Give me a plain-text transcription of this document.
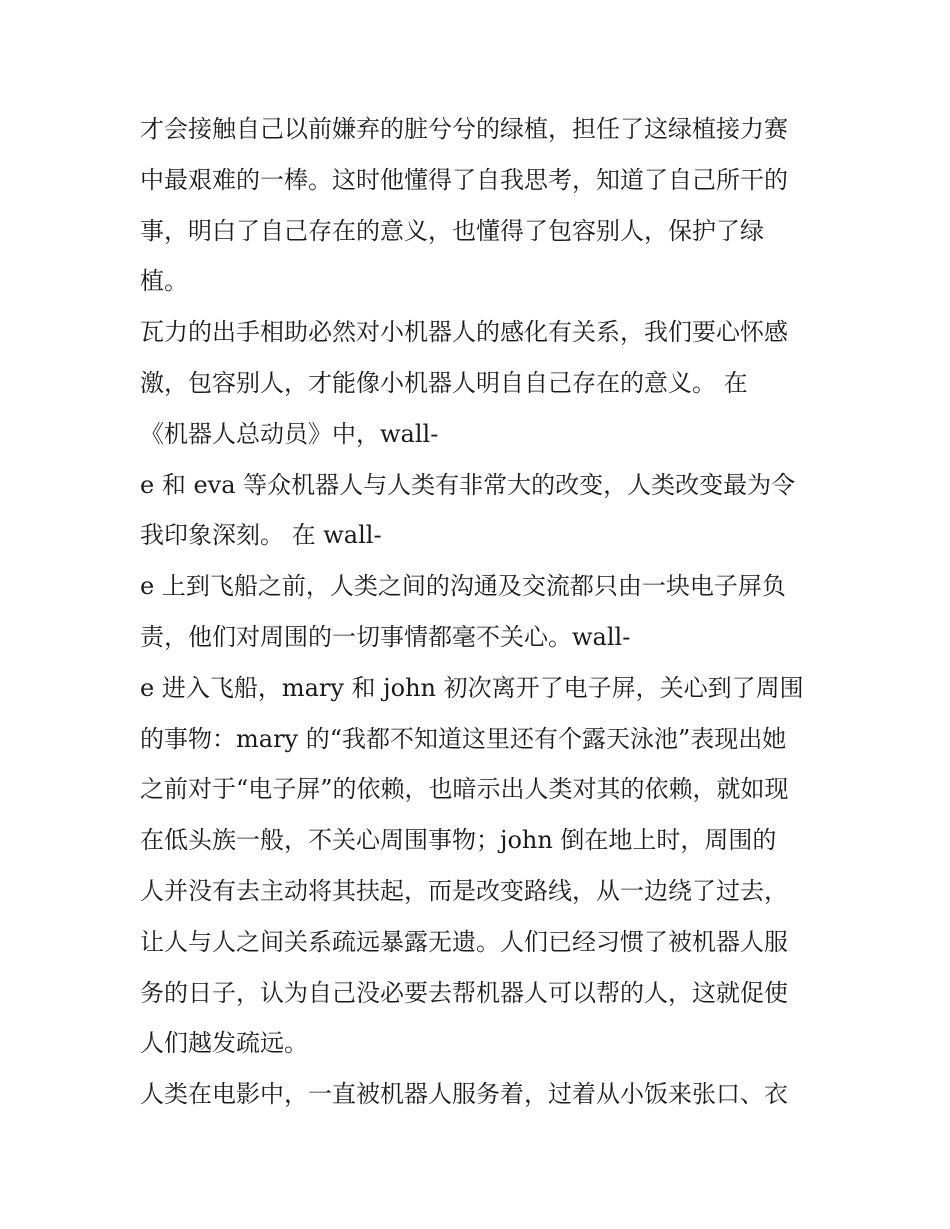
才会接触自己以前嫌弃的脏兮兮的绿植，担任了这绿植接力赛
中最艰难的一棒。这时他懂得了自我思考，知道了自己所干的
事，明白了自己存在的意义，也懂得了包容别人，保护了绿
植。
瓦力的出手相助必然对小机器人的感化有关系，我们要心怀感
激，包容别人，才能像小机器人明自自己存在的意义。 在
《机器人总动员》中，wall-
e 和 eva 等众机器人与人类有非常大的改变，人类改变最为令
我印象深刻。 在 wall-
e 上到飞船之前，人类之间的沟通及交流都只由一块电子屏负
责，他们对周围的一切事情都毫不关心。wall-
e 进入飞船，mary 和 john 初次离开了电子屏，关心到了周围
的事物：mary 的“我都不知道这里还有个露天泳池”表现出她
之前对于“电子屏”的依赖，也暗示出人类对其的依赖，就如现
在低头族一般，不关心周围事物；john 倒在地上时，周围的
人并没有去主动将其扶起，而是改变路线，从一边绕了过去，
让人与人之间关系疏远暴露无遗。人们已经习惯了被机器人服
务的日子，认为自己没必要去帮机器人可以帮的人，这就促使
人们越发疏远。
人类在电影中，一直被机器人服务着，过着从小饭来张口、衣
